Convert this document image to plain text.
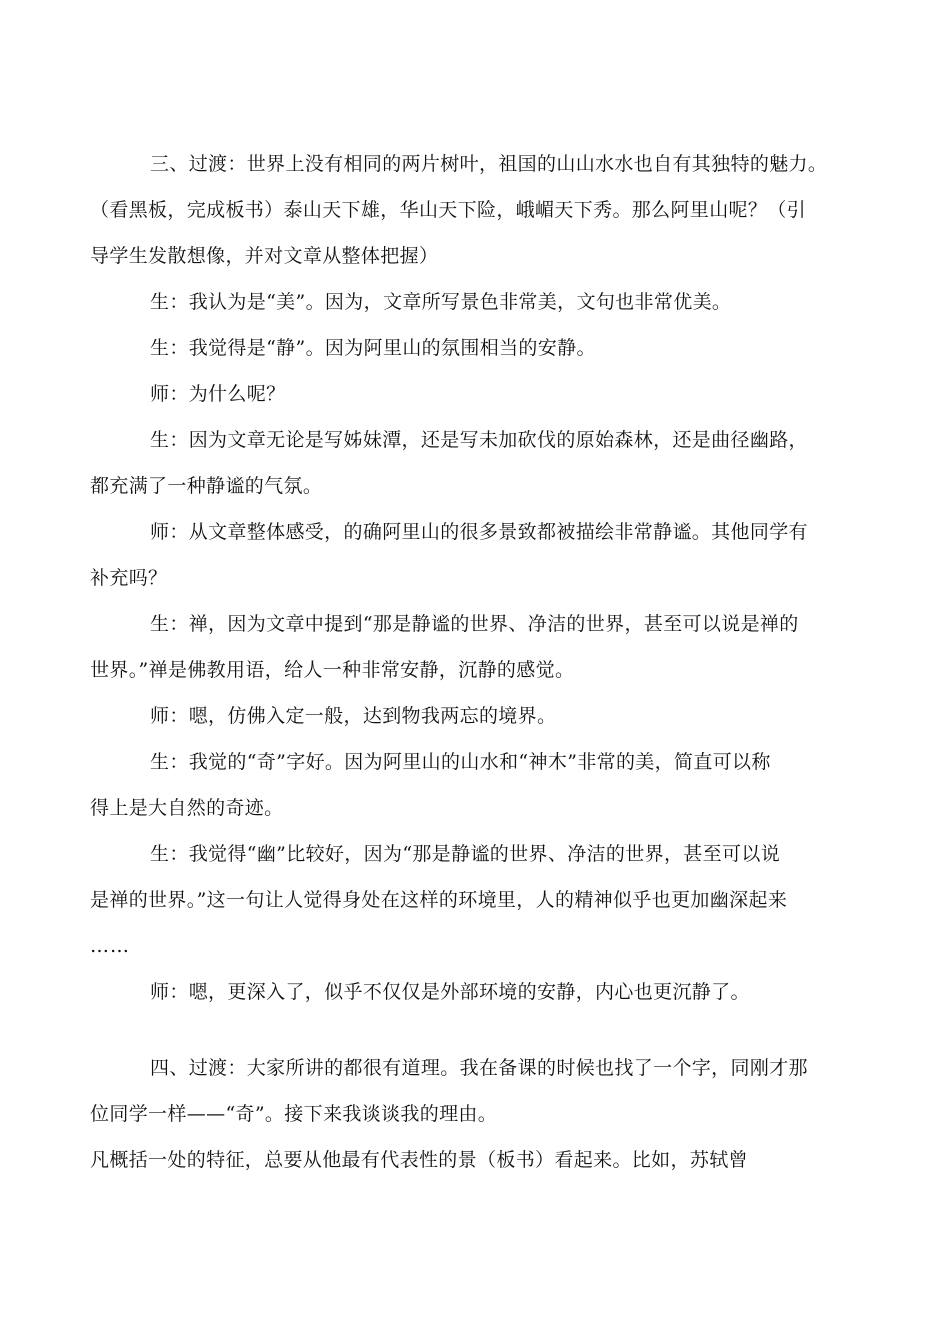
三、过渡：世界上没有相同的两片树叶，祖国的山山水水也自有其独特的魅力。
（看黑板，完成板书）泰山天下雄，华山天下险，峨嵋天下秀。那么阿里山呢？（引
导学生发散想像，并对文章从整体把握）
生：我认为是“美”。因为，文章所写景色非常美，文句也非常优美。
生：我觉得是“静”。因为阿里山的氛围相当的安静。
师：为什么呢？
生：因为文章无论是写姊妹潭，还是写未加砍伐的原始森林，还是曲径幽路，
都充满了一种静谧的气氛。
师：从文章整体感受，的确阿里山的很多景致都被描绘非常静谧。其他同学有
补充吗？
生：禅，因为文章中提到“那是静谧的世界、净洁的世界，甚至可以说是禅的
世界。”禅是佛教用语，给人一种非常安静，沉静的感觉。
师：嗯，仿佛入定一般，达到物我两忘的境界。
生：我觉的“奇”字好。因为阿里山的山水和“神木”非常的美，简直可以称
得上是大自然的奇迹。
生：我觉得“幽”比较好，因为“那是静谧的世界、净洁的世界，甚至可以说
是禅的世界。”这一句让人觉得身处在这样的环境里，人的精神似乎也更加幽深起来
……
师：嗯，更深入了，似乎不仅仅是外部环境的安静，内心也更沉静了。
四、过渡：大家所讲的都很有道理。我在备课的时候也找了一个字，同刚才那
位同学一样——“奇”。接下来我谈谈我的理由。
凡概括一处的特征，总要从他最有代表性的景（板书）看起来。比如，苏轼曾
